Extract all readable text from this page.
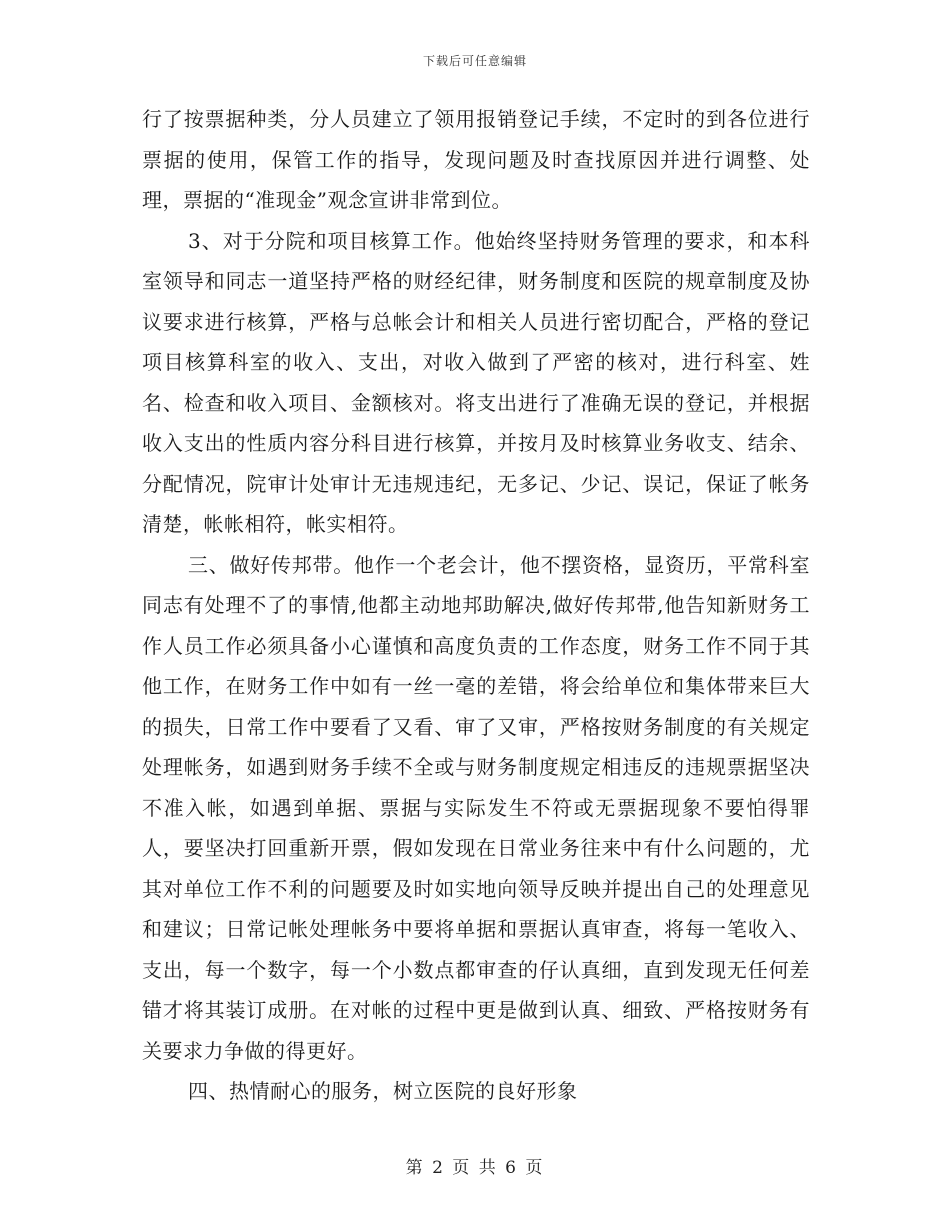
下载后可任意编辑

行了按票据种类，分人员建立了领用报销登记手续，不定时的到各位进行票据的使用，保管工作的指导，发现问题及时查找原因并进行调整、处理，票据的“准现金”观念宣讲非常到位。

3、对于分院和项目核算工作。他始终坚持财务管理的要求，和本科室领导和同志一道坚持严格的财经纪律，财务制度和医院的规章制度及协议要求进行核算，严格与总帐会计和相关人员进行密切配合，严格的登记项目核算科室的收入、支出，对收入做到了严密的核对，进行科室、姓名、检查和收入项目、金额核对。将支出进行了准确无误的登记，并根据收入支出的性质内容分科目进行核算，并按月及时核算业务收支、结余、分配情况，院审计处审计无违规违纪，无多记、少记、误记，保证了帐务清楚，帐帐相符，帐实相符。

三、做好传邦带。他作一个老会计，他不摆资格，显资历，平常科室同志有处理不了的事情,他都主动地邦助解决,做好传邦带,他告知新财务工作人员工作必须具备小心谨慎和高度负责的工作态度，财务工作不同于其他工作，在财务工作中如有一丝一毫的差错，将会给单位和集体带来巨大的损失，日常工作中要看了又看、审了又审，严格按财务制度的有关规定处理帐务，如遇到财务手续不全或与财务制度规定相违反的违规票据坚决不准入帐，如遇到单据、票据与实际发生不符或无票据现象不要怕得罪人，要坚决打回重新开票，假如发现在日常业务往来中有什么问题的，尤其对单位工作不利的问题要及时如实地向领导反映并提出自己的处理意见和建议；日常记帐处理帐务中要将单据和票据认真审查，将每一笔收入、支出，每一个数字，每一个小数点都审查的仔认真细，直到发现无任何差错才将其装订成册。在对帐的过程中更是做到认真、细致、严格按财务有关要求力争做的得更好。

四、热情耐心的服务，树立医院的良好形象

第 2 页 共 6 页
